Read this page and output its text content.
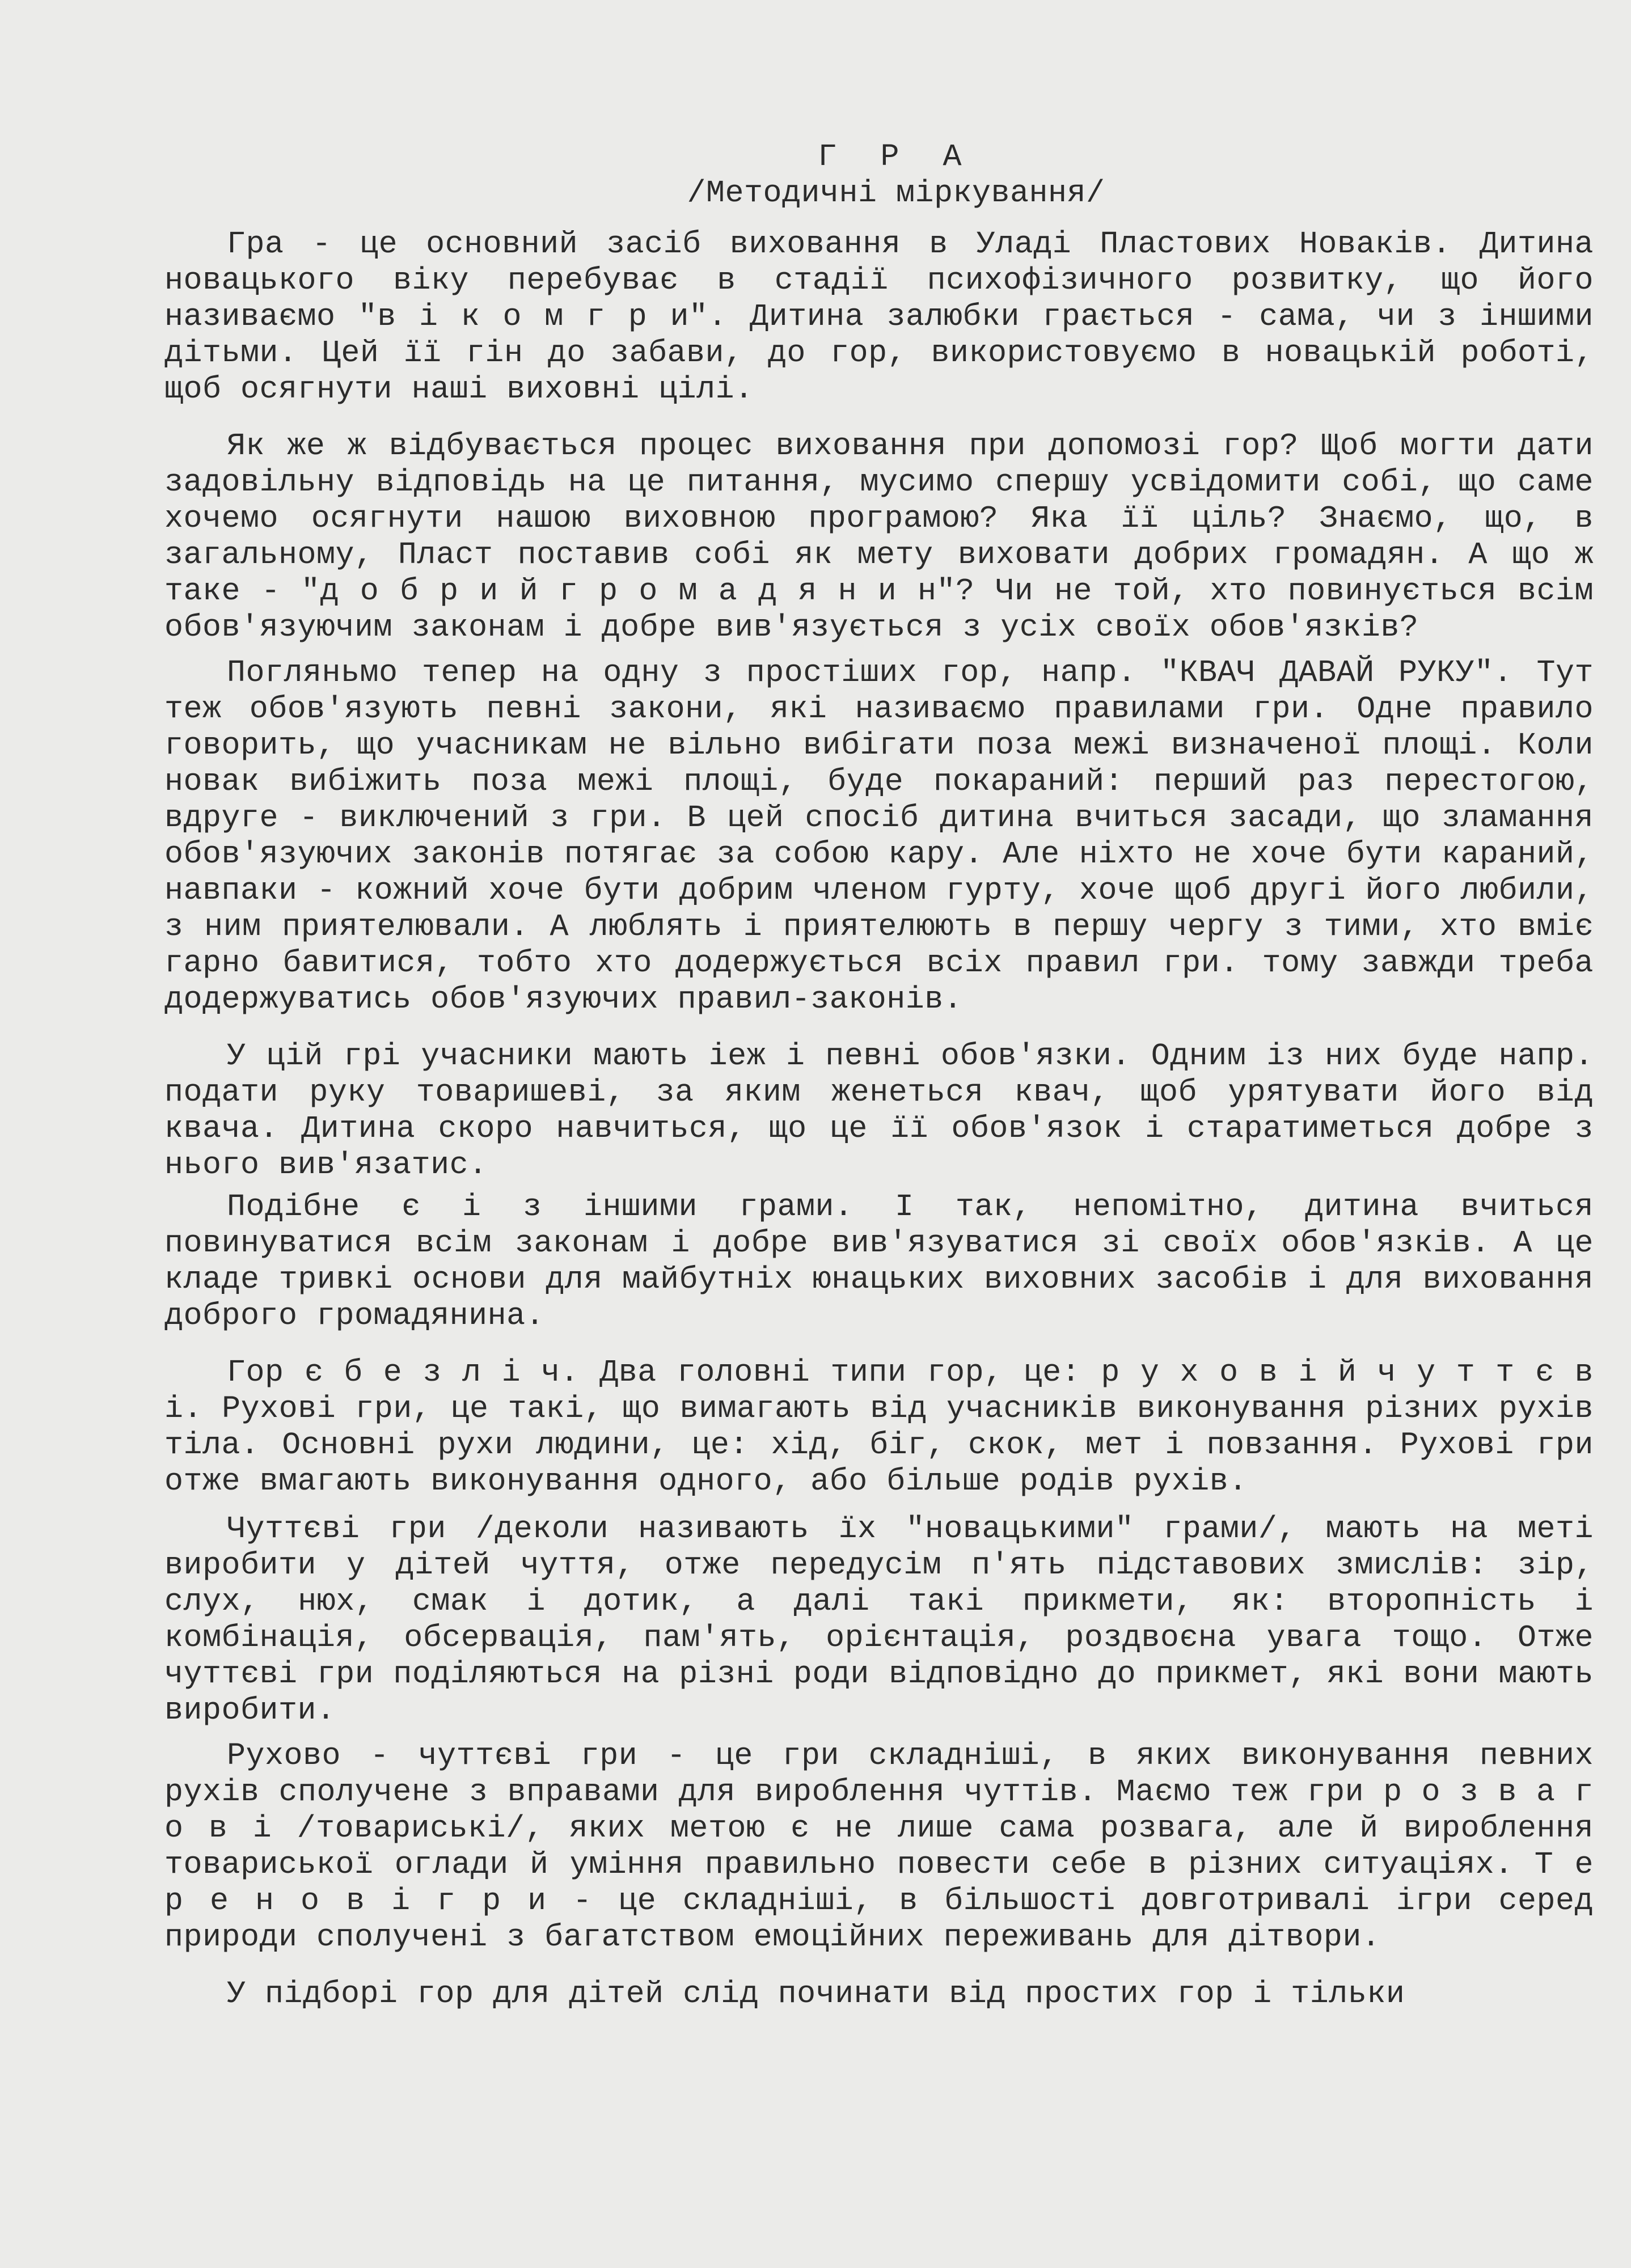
Г Р А

/Методичні міркування/

Гра - це основний засіб виховання в Уладі Пластових Новаків. Дитина новацького віку перебуває в стадії психофізичного розвитку, що його називаємо "в і к о м г р и". Дитина залюбки грається - сама, чи з іншими дітьми. Цей її гін до забави, до гор, використовуємо в новацькій роботі, щоб осягнути наші виховні цілі.

Як же ж відбувається процес виховання при допомозі гор? Щоб могти дати задовільну відповідь на це питання, мусимо спершу усвідомити собі, що саме хочемо осягнути нашою виховною програмою? Яка її ціль? Знаємо, що, в загальному, Пласт поставив собі як мету виховати добрих громадян. А що ж таке - "д о б р и й г р о м а д я н и н"? Чи не той, хто повинується всім обов'язуючим законам і добре вив'язується з усіх своїх обов'язків?

Погляньмо тепер на одну з простіших гор, напр. "КВАЧ ДАВАЙ РУКУ". Тут теж обов'язують певні закони, які називаємо правилами гри. Одне правило говорить, що учасникам не вільно вибігати поза межі визначеної площі. Коли новак вибіжить поза межі площі, буде покараний: перший раз перестогою, вдруге - виключений з гри. В цей спосіб дитина вчиться засади, що зламання обов'язуючих законів потягає за собою кару. Але ніхто не хоче бути караний, навпаки - кожний хоче бути добрим членом гурту, хоче щоб другі його любили, з ним приятелювали. А люблять і приятелюють в першу чергу з тими, хто вміє гарно бавитися, тобто хто додержується всіх правил гри. тому завжди треба додержуватись обов'язуючих правил-законів.

У цій грі учасники мають іеж і певні обов'язки. Одним із них буде напр. подати руку товаришеві, за яким женеться квач, щоб урятувати його від квача. Дитина скоро навчиться, що це її обов'язок і старатиметься добре з нього вив'язатис.

Подібне є і з іншими грами. І так, непомітно, дитина вчиться повинуватися всім законам і добре вив'язуватися зі своїх обов'язків. А це кладе тривкі основи для майбутніх юнацьких виховних засобів і для виховання доброго громадянина.

Гор є б е з л і ч. Два головні типи гор, це: р у х о в і й ч у т т є в і. Рухові гри, це такі, що вимагають від учасників виконування різних рухів тіла. Основні рухи людини, це: хід, біг, скок, мет і повзання. Рухові гри отже вмагають виконування одного, або більше родів рухів.

Чуттєві гри /деколи називають їх "новацькими" грами/, мають на меті виробити у дітей чуття, отже передусім п'ять підставових змислів: зір, слух, нюх, смак і дотик, а далі такі прикмети, як: второпність і комбінація, обсервація, пам'ять, орієнтація, роздвоєна увага тощо. Отже чуттєві гри поділяються на різні роди відповідно до прикмет, які вони мають виробити.

Рухово - чуттєві гри - це гри складніші, в яких виконування певних рухів сполучене з вправами для вироблення чуттів. Маємо теж гри р о з в а г о в і /товариські/, яких метою є не лише сама розвага, але й вироблення товариської оглади й уміння правильно повести себе в різних ситуаціях. Т е р е н о в і г р и - це складніші, в більшості довготривалі ігри серед природи сполучені з багатством емоційних переживань для дітвори.

У підборі гор для дітей слід починати від простих гор і тільки
